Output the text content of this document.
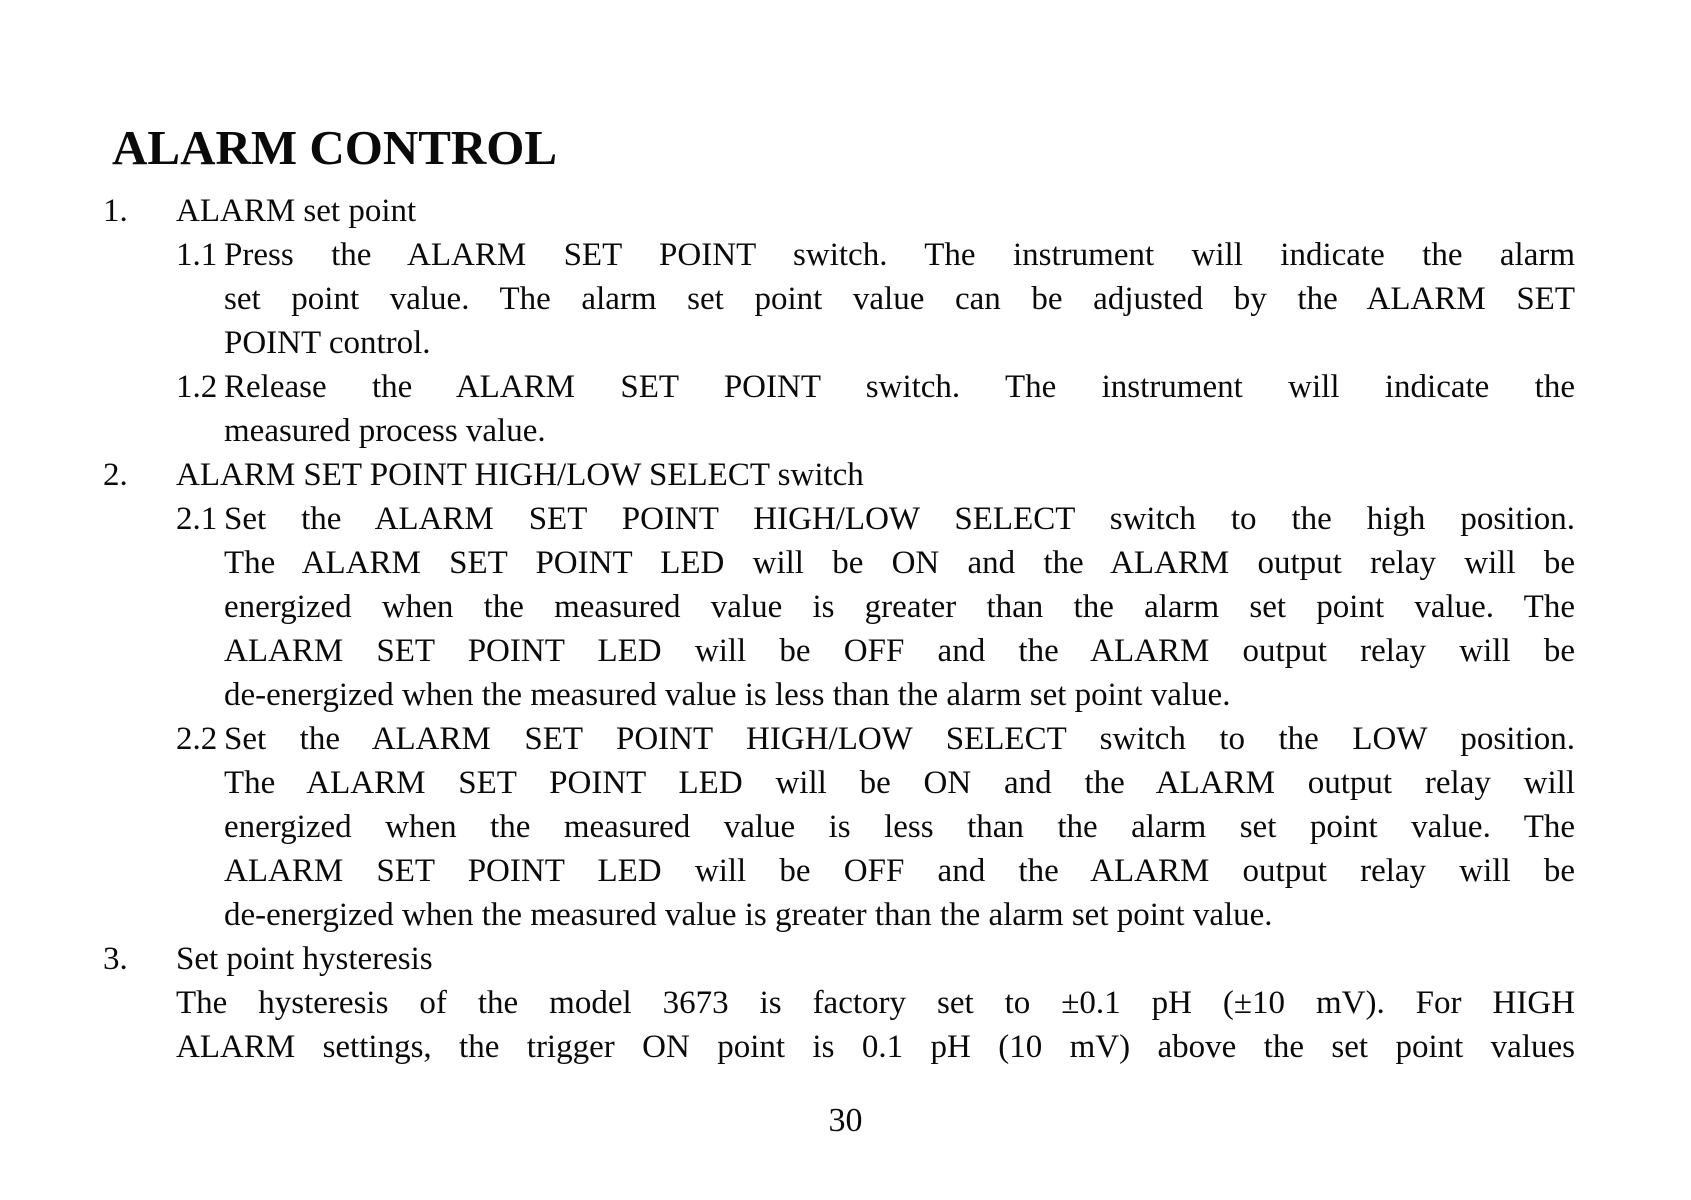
ALARM CONTROL
1. ALARM set point
1.1 Press the ALARM SET POINT switch. The instrument will indicate the alarm
set point value. The alarm set point value can be adjusted by the ALARM SET
POINT control.
1.2 Release the ALARM SET POINT switch. The instrument will indicate the
measured process value.
2. ALARM SET POINT HIGH/LOW SELECT switch
2.1 Set the ALARM SET POINT HIGH/LOW SELECT switch to the high position.
The ALARM SET POINT LED will be ON and the ALARM output relay will be
energized when the measured value is greater than the alarm set point value. The
ALARM SET POINT LED will be OFF and the ALARM output relay will be
de-energized when the measured value is less than the alarm set point value.
2.2 Set the ALARM SET POINT HIGH/LOW SELECT switch to the LOW position.
The ALARM SET POINT LED will be ON and the ALARM output relay will
energized when the measured value is less than the alarm set point value. The
ALARM SET POINT LED will be OFF and the ALARM output relay will be
de-energized when the measured value is greater than the alarm set point value.
3. Set point hysteresis
The hysteresis of the model 3673 is factory set to ±0.1 pH (±10 mV). For HIGH
ALARM settings, the trigger ON point is 0.1 pH (10 mV) above the set point values
30
